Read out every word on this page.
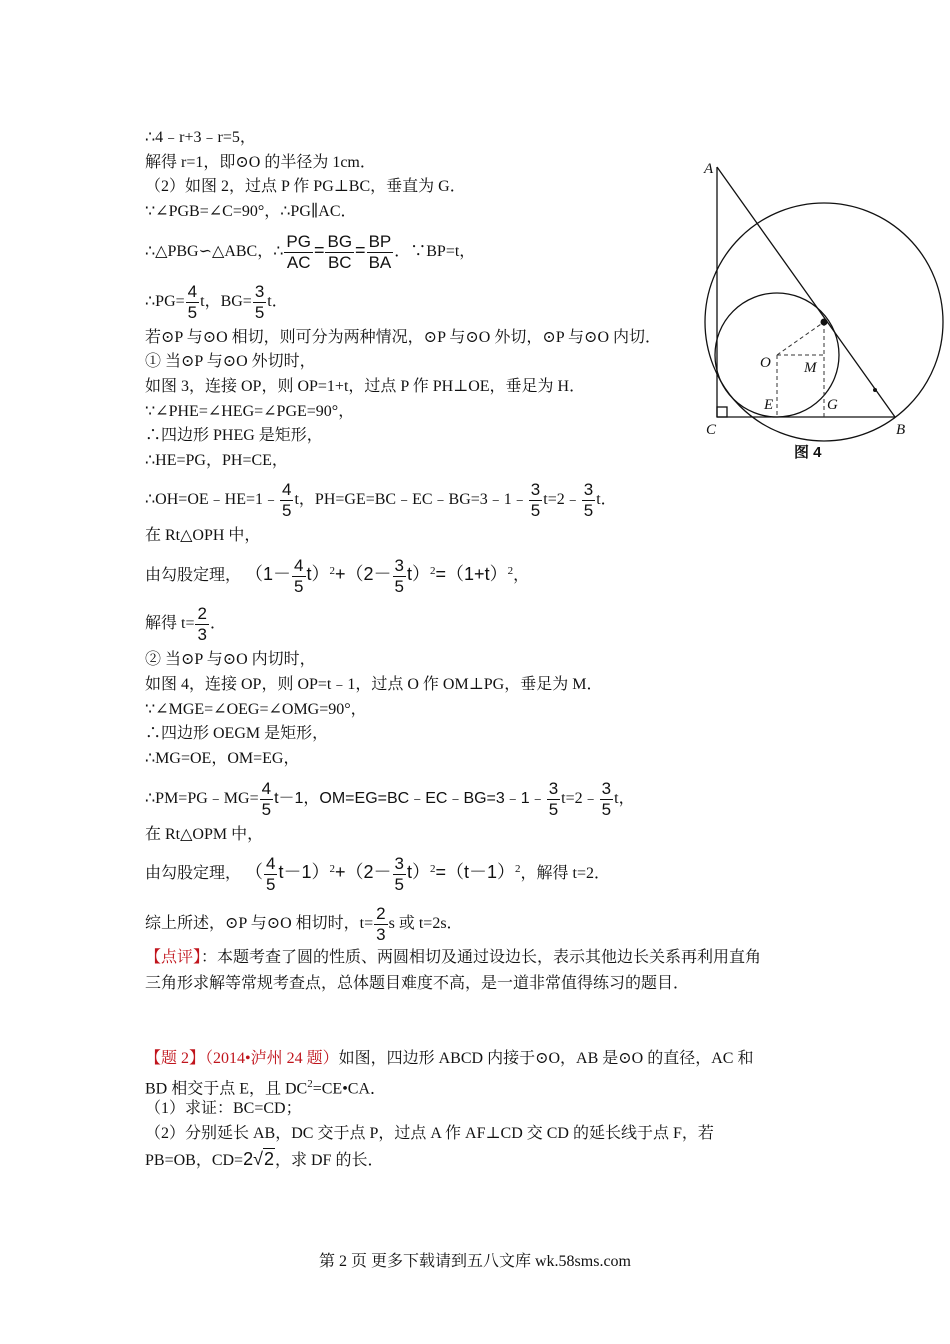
∴4﹣r+3﹣r=5，
解得 r=1，即⊙O 的半径为 1cm．
（2）如图 2，过点 P 作 PG⊥BC，垂直为 G．
∵∠PGB=∠C=90°，∴PG∥AC．
∴△PBG∽△ABC，∴ $\frac{PG}{AC} = \frac{BG}{BC} = \frac{BP}{BA}$ ．∵BP=t，
∴PG= $\frac{4}{5}$ t，$BG= \frac{3}{5}$ t．
若⊙P 与⊙O 相切，则可分为两种情况，⊙P 与⊙O 外切，⊙P 与⊙O 内切．
① 当⊙P 与⊙O 外切时，
如图 3，连接 OP，则 OP=1+t，过点 P 作 PH⊥OE，垂足为 H．
∵∠PHE=∠HEG=∠PGE=90°，
∴四边形 PHEG 是矩形，
∴HE=PG，PH=CE，
∴OH=OE﹣HE=1﹣ $\frac{4}{5}$ t，PH=GE=BC﹣EC﹣BG=3﹣1﹣ $\frac{3}{5}$ t=2﹣ $\frac{3}{5}$ t．
在 Rt△OPH 中，
由勾股定理， $(1- \frac{4}{5} t)^2+(2- \frac{3}{5} t)^2=(1+t)^2$，
解得 $t= \frac{2}{3}$ ．
② 当⊙P 与⊙O 内切时，
如图 4，连接 OP，则 OP=t﹣1，过点 O 作 OM⊥PG，垂足为 M．
∵∠MGE=∠OEG=∠OMG=90°，
∴四边形 OEGM 是矩形，
∴MG=OE，OM=EG，
∴PM=PG﹣MG= $\frac{4}{5} t-1$，OM=EG=BC﹣EC﹣BG=3﹣1﹣ $\frac{3}{5}$ t=2﹣ $\frac{3}{5}$ t，
在 Rt△OPM 中，
由勾股定理， （ $\frac{4}{5} t-1)^2+(2- \frac{3}{5} t)^2=(t-1)^2$，解得 t=2．
综上所述，⊙P 与⊙O 相切时，$t= \frac{2}{3}$ s 或 t=2s．
【点评】：本题考查了圆的性质、两圆相切及通过设边长，表示其他边长关系再利用直角
三角形求解等常规考查点，总体题目难度不高，是一道非常值得练习的题目．
【题 2】（2014•泸州 24 题）如图，四边形 ABCD 内接于⊙O，AB 是⊙O 的直径，AC 和
BD 相交于点 E，且 $DC^2=CE•CA$．
（1）求证：BC=CD；
（2）分别延长 AB，DC 交于点 P，过点 A 作 AF⊥CD 交 CD 的延长线于点 F，若
PB=OB，CD=2√2，求 DF 的长．
A
C	B
O M
E	G
图 4
第 2 页 更多下载请到五八文库 wk.58sms.com
